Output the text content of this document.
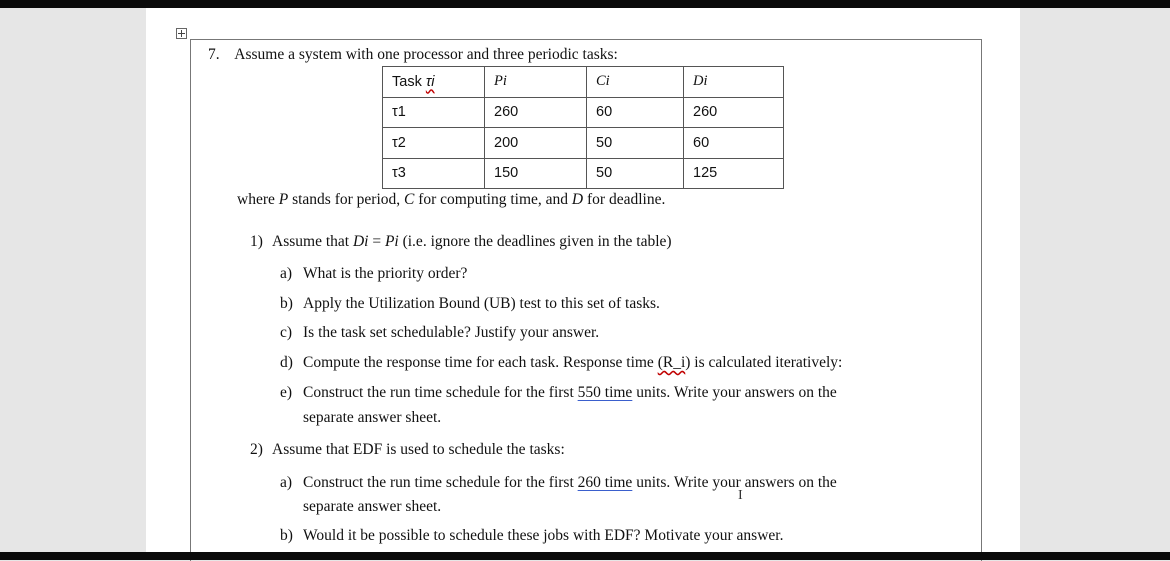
7. Assume a system with one processor and three periodic tasks:
Task τi	Pi	Ci	Di
τ1	260	60	260
τ2	200	50	60
τ3	150	50	125
where P stands for period, C for computing time, and D for deadline.
1) Assume that Di = Pi (i.e. ignore the deadlines given in the table)
a) What is the priority order?
b) Apply the Utilization Bound (UB) test to this set of tasks.
c) Is the task set schedulable? Justify your answer.
d) Compute the response time for each task. Response time (R_i) is calculated iteratively:
e) Construct the run time schedule for the first 550 time units. Write your answers on the
separate answer sheet.
2) Assume that EDF is used to schedule the tasks:
a) Construct the run time schedule for the first 260 time units. Write your answers on the
separate answer sheet.
b) Would it be possible to schedule these jobs with EDF? Motivate your answer.
I
